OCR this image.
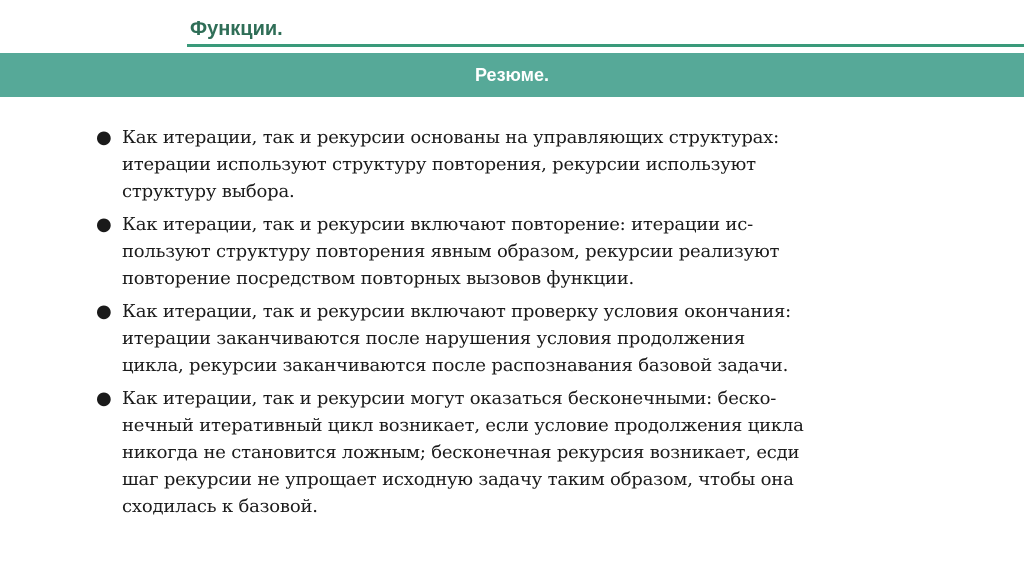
Функции.
Резюме.
● Как итерации, так и рекурсии основаны на управляющих структурах:
итерации используют структуру повторения, рекурсии используют
структуру выбора.
● Как итерации, так и рекурсии включают повторение: итерации ис-
пользуют структуру повторения явным образом, рекурсии реализуют
повторение посредством повторных вызовов функции.
● Как итерации, так и рекурсии включают проверку условия окончания:
итерации заканчиваются после нарушения условия продолжения
цикла, рекурсии заканчиваются после распознавания базовой задачи.
● Как итерации, так и рекурсии могут оказаться бесконечными: беско-
нечный итеративный цикл возникает, если условие продолжения цикла
никогда не становится ложным; бесконечная рекурсия возникает, есди
шаг рекурсии не упрощает исходную задачу таким образом, чтобы она
сходилась к базовой.
